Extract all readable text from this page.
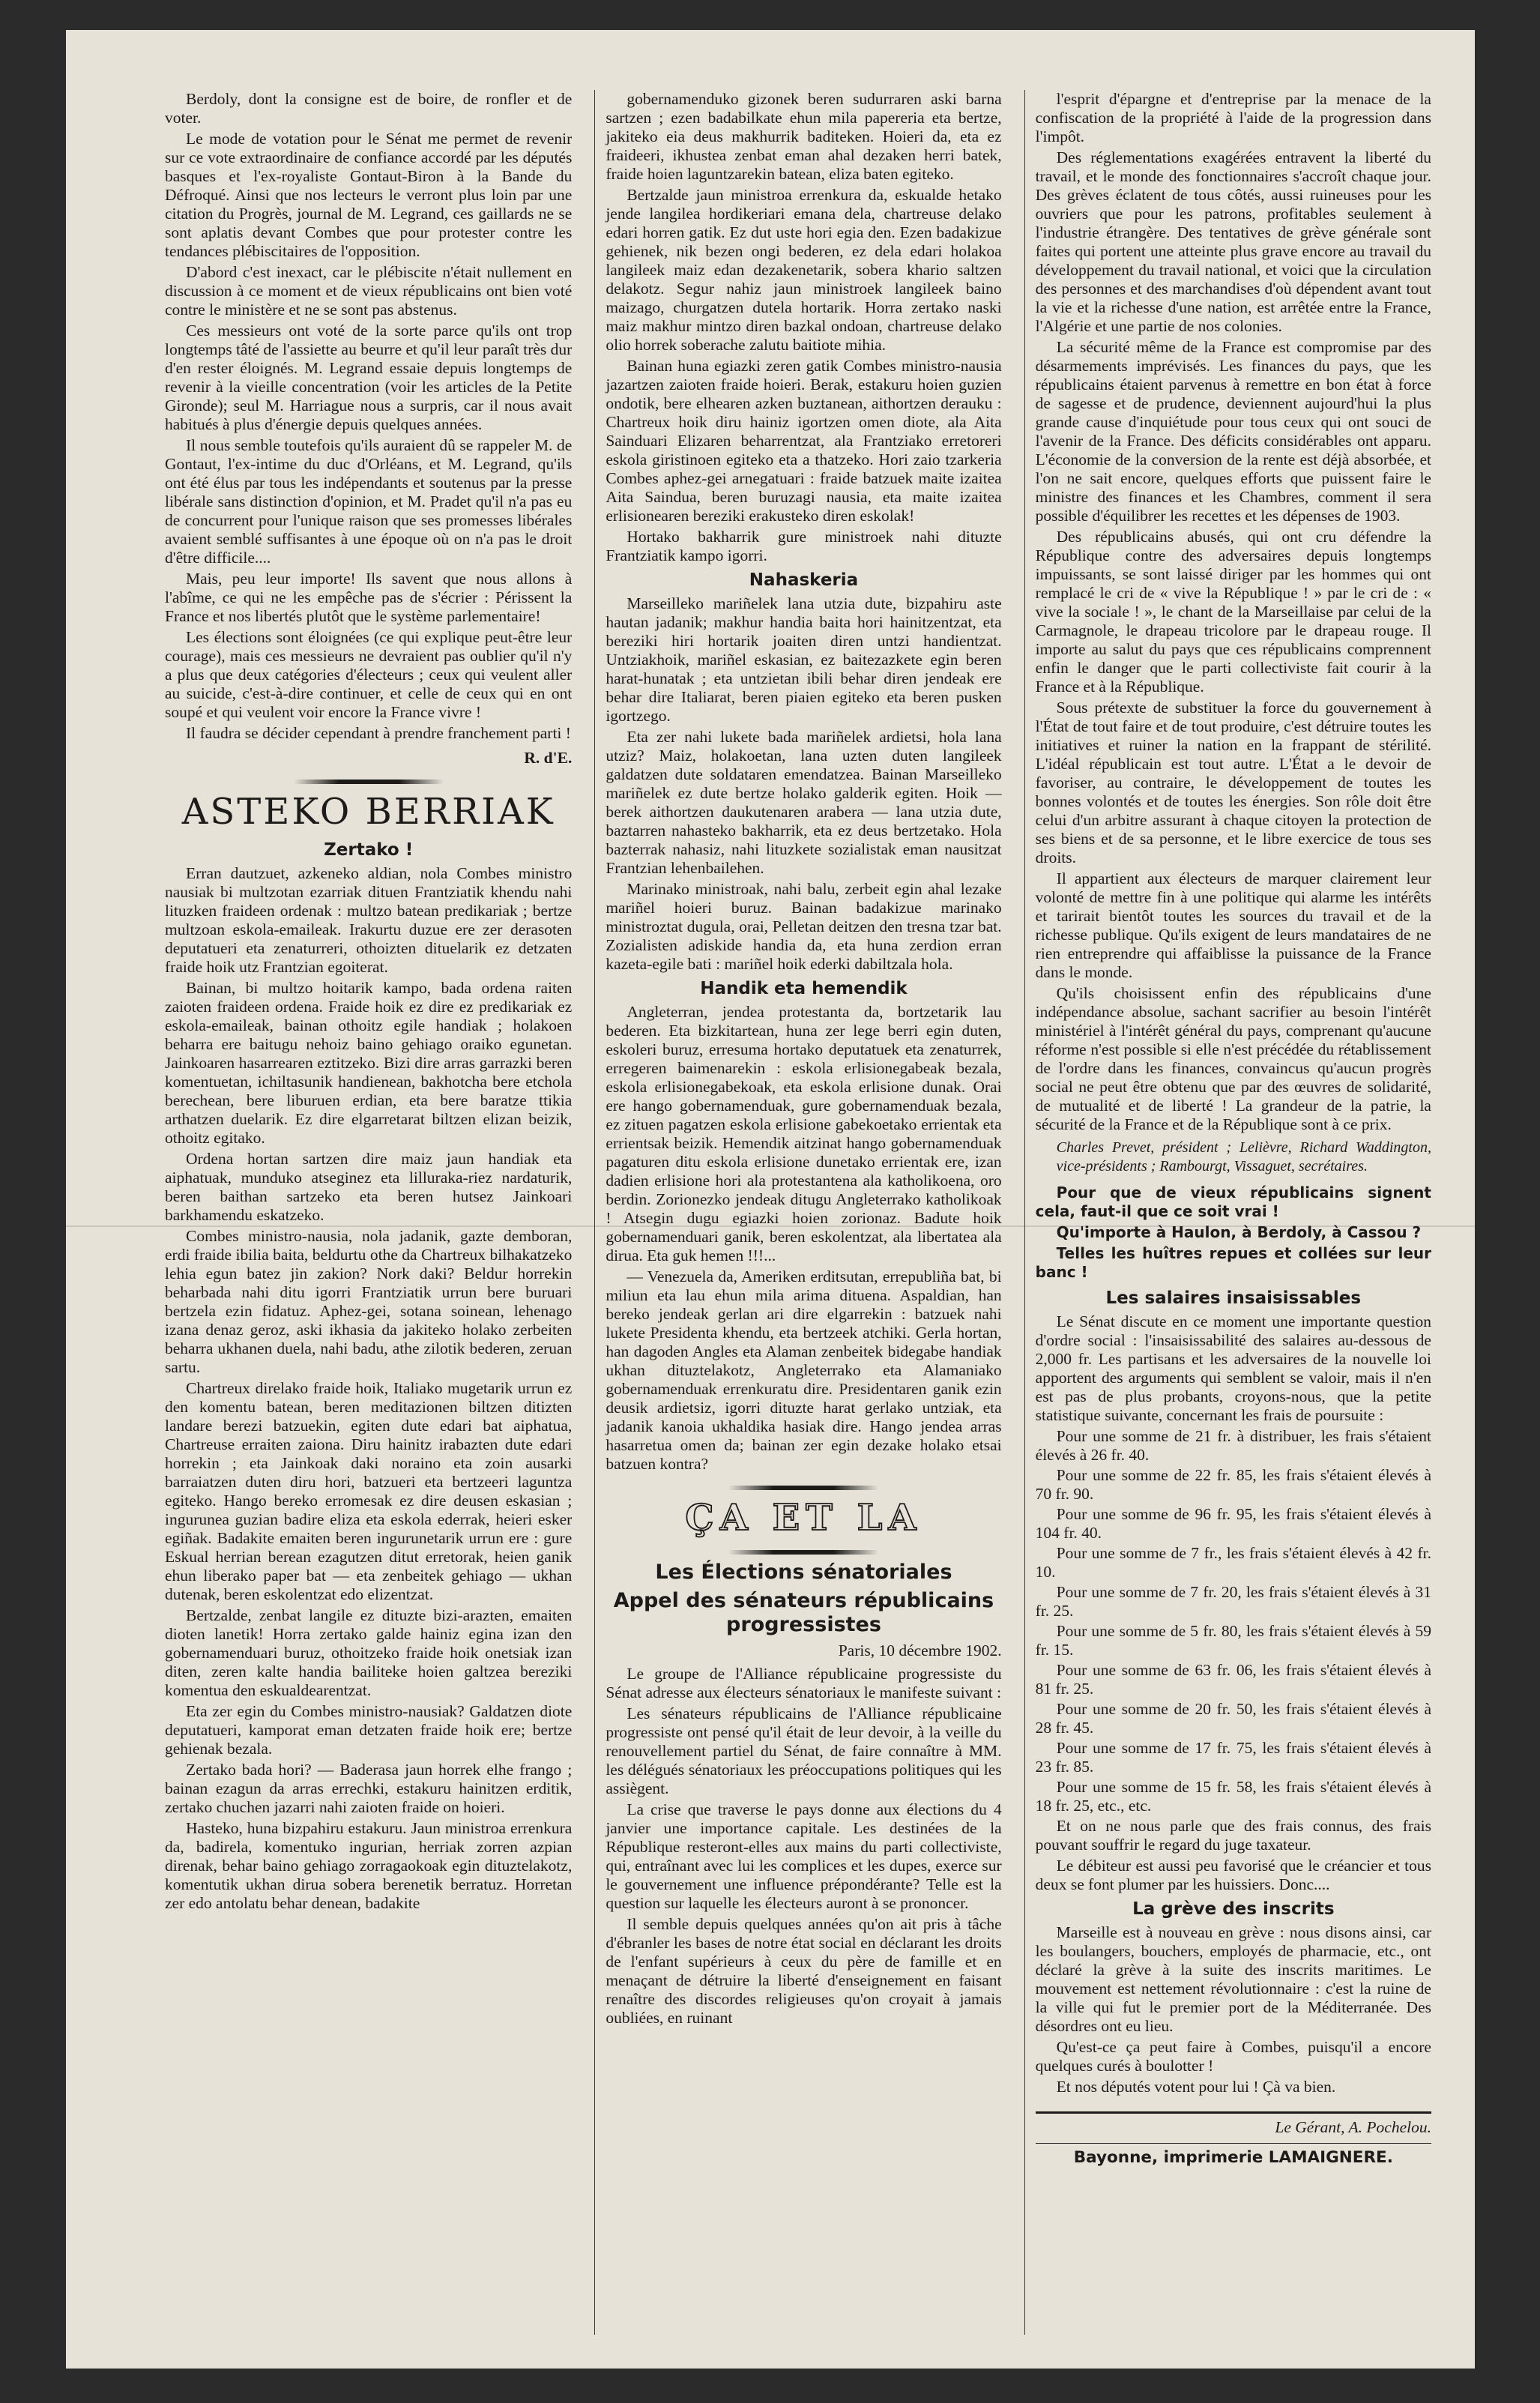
Berdoly, dont la consigne est de boire, de ronfler et de voter.

Le mode de votation pour le Sénat me permet de revenir sur ce vote extraordinaire de confiance accordé par les députés basques et l'ex-royaliste Gontaut-Biron à la Bande du Défroqué. Ainsi que nos lecteurs le verront plus loin par une citation du Progrès, journal de M. Legrand, ces gaillards ne se sont aplatis devant Combes que pour protester contre les tendances plébiscitaires de l'opposition.

D'abord c'est inexact, car le plébiscite n'était nullement en discussion à ce moment et de vieux républicains ont bien voté contre le ministère et ne se sont pas abstenus.

Ces messieurs ont voté de la sorte parce qu'ils ont trop longtemps tâté de l'assiette au beurre et qu'il leur paraît très dur d'en rester éloignés. M. Legrand essaie depuis longtemps de revenir à la vieille concentration (voir les articles de la Petite Gironde); seul M. Harriague nous a surpris, car il nous avait habitués à plus d'énergie depuis quelques années.

Il nous semble toutefois qu'ils auraient dû se rappeler M. de Gontaut, l'ex-intime du duc d'Orléans, et M. Legrand, qu'ils ont été élus par tous les indépendants et soutenus par la presse libérale sans distinction d'opinion, et M. Pradet qu'il n'a pas eu de concurrent pour l'unique raison que ses promesses libérales avaient semblé suffisantes à une époque où on n'a pas le droit d'être difficile....

Mais, peu leur importe! Ils savent que nous allons à l'abîme, ce qui ne les empêche pas de s'écrier : Périssent la France et nos libertés plutôt que le système parlementaire!

Les élections sont éloignées (ce qui explique peut-être leur courage), mais ces messieurs ne devraient pas oublier qu'il n'y a plus que deux catégories d'électeurs ; ceux qui veulent aller au suicide, c'est-à-dire continuer, et celle de ceux qui en ont soupé et qui veulent voir encore la France vivre !

Il faudra se décider cependant à prendre franchement parti !

R. d'E.
ASTEKO BERRIAK
Zertako !

Erran dautzuet, azkeneko aldian, nola Combes ministro nausiak bi multzotan ezarriak dituen Frantziatik khendu nahi lituzken fraideen ordenak : multzo batean predikariak ; bertze multzoan eskola-emaileak. Irakurtu duzue ere zer derasoten deputatueri eta zenaturreri, othoizten dituelarik ez detzaten fraide hoik utz Frantzian egoiterat.

Bainan, bi multzo hoitarik kampo, bada ordena raiten zaioten fraideen ordena. Fraide hoik ez dire ez predikariak ez eskola-emaileak, bainan othoitz egile handiak ; holakoen beharra ere baitugu nehoiz baino gehiago oraiko egunetan. Jainkoaren hasarrearen eztitzeko. Bizi dire arras garrazki beren komentuetan, ichiltasunik handienean, bakhotcha bere etchola berechean, bere liburuen erdian, eta bere baratze ttikia arthatzen duelarik. Ez dire elgarretarat biltzen elizan beizik, othoitz egitako.

Ordena hortan sartzen dire maiz jaun handiak eta aiphatuak, munduko atseginez eta lilluraka-riez nardaturik, beren baithan sartzeko eta beren hutsez Jainkoari barkhamendu eskatzeko.

Combes ministro-nausia, nola jadanik, gazte demboran, erdi fraide ibilia baita, beldurtu othe da Chartreux bilhakatzeko lehia egun batez jin zakion? Nork daki? Beldur horrekin beharbada nahi ditu igorri Frantziatik urrun bere buruari bertzela ezin fidatuz. Aphez-gei, sotana soinean, lehenago izana denaz geroz, aski ikhasia da jakiteko holako zerbeiten beharra ukhanen duela, nahi badu, athe zilotik bederen, zeruan sartu.

Chartreux direlako fraide hoik, Italiako mugetarik urrun ez den komentu batean, beren meditazionen biltzen ditizten landare berezi batzuekin, egiten dute edari bat aiphatua, Chartreuse erraiten zaiona. Diru hainitz irabazten dute edari horrekin ; eta Jainkoak daki noraino eta zoin ausarki barraiatzen duten diru hori, batzueri eta bertzeeri laguntza egiteko. Hango bereko erromesak ez dire deusen eskasian ; ingurunea guzian badire eliza eta eskola ederrak, heieri esker egiñak. Badakite emaiten beren ingurunetarik urrun ere : gure Eskual herrian berean ezagutzen ditut erretorak, heien ganik ehun liberako paper bat — eta zenbeitek gehiago — ukhan dutenak, beren eskolentzat edo elizentzat.

Bertzalde, zenbat langile ez dituzte bizi-arazten, emaiten dioten lanetik! Horra zertako galde hainiz egina izan den gobernamenduari buruz, othoitzeko fraide hoik onetsiak izan diten, zeren kalte handia bailiteke hoien galtzea bereziki komentua den eskualdearentzat.

Eta zer egin du Combes ministro-nausiak? Galdatzen diote deputatueri, kamporat eman detzaten fraide hoik ere; bertze gehienak bezala.

Zertako bada hori? — Baderasa jaun horrek elhe frango ; bainan ezagun da arras errechki, estakuru hainitzen erditik, zertako chuchen jazarri nahi zaioten fraide on hoieri.

Hasteko, huna bizpahiru estakuru. Jaun ministroa errenkura da, badirela, komentuko ingurian, herriak zorren azpian direnak, behar baino gehiago zorragaokoak egin dituztelakotz, komentutik ukhan dirua sobera berenetik berratuz. Horretan zer edo antolatu behar denean, badakite

gobernamenduko gizonek beren sudurraren aski barna sartzen ; ezen badabilkate ehun mila papereria eta bertze, jakiteko eia deus makhurrik baditeken. Hoieri da, eta ez fraideeri, ikhustea zenbat eman ahal dezaken herri batek, fraide hoien laguntzarekin batean, eliza baten egiteko.

Bertzalde jaun ministroa errenkura da, eskualde hetako jende langilea hordikeriari emana dela, chartreuse delako edari horren gatik. Ez dut uste hori egia den. Ezen badakizue gehienek, nik bezen ongi bederen, ez dela edari holakoa langileek maiz edan dezakenetarik, sobera khario saltzen delakotz. Segur nahiz jaun ministroek langileek baino maizago, churgatzen dutela hortarik. Horra zertako naski maiz makhur mintzo diren bazkal ondoan, chartreuse delako olio horrek soberache zalutu baitiote mihia.

Bainan huna egiazki zeren gatik Combes ministro-nausia jazartzen zaioten fraide hoieri. Berak, estakuru hoien guzien ondotik, bere elhearen azken buztanean, aithortzen derauku : Chartreux hoik diru hainiz igortzen omen diote, ala Aita Sainduari Elizaren beharrentzat, ala Frantziako erretoreri eskola giristinoen egiteko eta a thatzeko. Hori zaio tzarkeria Combes aphez-gei arnegatuari : fraide batzuek maite izaitea Aita Saindua, beren buruzagi nausia, eta maite izaitea erlisionearen bereziki erakusteko diren eskolak!

Hortako bakharrik gure ministroek nahi dituzte Frantziatik kampo igorri.

Nahaskeria

Marseilleko mariñelek lana utzia dute, bizpahiru aste hautan jadanik; makhur handia baita hori hainitzentzat, eta bereziki hiri hortarik joaiten diren untzi handientzat. Untziakhoik, mariñel eskasian, ez baitezazkete egin beren harat-hunatak ; eta untzietan ibili behar diren jendeak ere behar dire Italiarat, beren piaien egiteko eta beren pusken igortzego.

Eta zer nahi lukete bada mariñelek ardietsi, hola lana utziz? Maiz, holakoetan, lana uzten duten langileek galdatzen dute soldataren emendatzea. Bainan Marseilleko mariñelek ez dute bertze holako galderik egiten. Hoik — berek aithortzen daukutenaren arabera — lana utzia dute, baztarren nahasteko bakharrik, eta ez deus bertzetako. Hola bazterrak nahasiz, nahi lituzkete sozialistak eman nausitzat Frantzian lehenbailehen.

Marinako ministroak, nahi balu, zerbeit egin ahal lezake mariñel hoieri buruz. Bainan badakizue marinako ministroztat dugula, orai, Pelletan deitzen den tresna tzar bat. Zozialisten adiskide handia da, eta huna zerdion erran kazeta-egile bati : mariñel hoik ederki dabiltzala hola.

Handik eta hemendik

Angleterran, jendea protestanta da, bortzetarik lau bederen. Eta bizkitartean, huna zer lege berri egin duten, eskoleri buruz, erresuma hortako deputatuek eta zenaturrek, erregeren baimenarekin : eskola erlisionegabeak bezala, eskola erlisionegabekoak, eta eskola erlisione dunak. Orai ere hango gobernamenduak, gure gobernamenduak bezala, ez zituen pagatzen eskola erlisione gabekoetako errientak eta errientsak beizik. Hemendik aitzinat hango gobernamenduak pagaturen ditu eskola erlisione dunetako errientak ere, izan dadien erlisione hori ala protestantena ala katholikoena, oro berdin. Zorionezko jendeak ditugu Angleterrako katholikoak ! Atsegin dugu egiazki hoien zorionaz. Badute hoik gobernamenduari ganik, beren eskolentzat, ala libertatea ala dirua. Eta guk hemen !!!...

— Venezuela da, Ameriken erditsutan, errepubliña bat, bi miliun eta lau ehun mila arima dituena. Aspaldian, han bereko jendeak gerlan ari dire elgarrekin : batzuek nahi lukete Presidenta khendu, eta bertzeek atchiki. Gerla hortan, han dagoden Angles eta Alaman zenbeitek bidegabe handiak ukhan dituztelakotz, Angleterrako eta Alamaniako gobernamenduak errenkuratu dire. Presidentaren ganik ezin deusik ardietsiz, igorri dituzte harat gerlako untziak, eta jadanik kanoia ukhaldika hasiak dire. Hango jendea arras hasarretua omen da; bainan zer egin dezake holako etsai batzuen kontra?

ÇA ET LA
Les Élections sénatoriales
Appel des sénateurs républicains progressistes
Paris, 10 décembre 1902.

Le groupe de l'Alliance républicaine progressiste du Sénat adresse aux électeurs sénatoriaux le manifeste suivant :

Les sénateurs républicains de l'Alliance républicaine progressiste ont pensé qu'il était de leur devoir, à la veille du renouvellement partiel du Sénat, de faire connaître à MM. les délégués sénatoriaux les préoccupations politiques qui les assiègent.

La crise que traverse le pays donne aux élections du 4 janvier une importance capitale. Les destinées de la République resteront-elles aux mains du parti collectiviste, qui, entraînant avec lui les complices et les dupes, exerce sur le gouvernement une influence prépondérante? Telle est la question sur laquelle les électeurs auront à se prononcer.

Il semble depuis quelques années qu'on ait pris à tâche d'ébranler les bases de notre état social en déclarant les droits de l'enfant supérieurs à ceux du père de famille et en menaçant de détruire la liberté d'enseignement en faisant renaître des discordes religieuses qu'on croyait à jamais oubliées, en ruinant

l'esprit d'épargne et d'entreprise par la menace de la confiscation de la propriété à l'aide de la progression dans l'impôt.

Des réglementations exagérées entravent la liberté du travail, et le monde des fonctionnaires s'accroît chaque jour. Des grèves éclatent de tous côtés, aussi ruineuses pour les ouvriers que pour les patrons, profitables seulement à l'industrie étrangère. Des tentatives de grève générale sont faites qui portent une atteinte plus grave encore au travail du développement du travail national, et voici que la circulation des personnes et des marchandises d'où dépendent avant tout la vie et la richesse d'une nation, est arrêtée entre la France, l'Algérie et une partie de nos colonies.

La sécurité même de la France est compromise par des désarmements imprévisés. Les finances du pays, que les républicains étaient parvenus à remettre en bon état à force de sagesse et de prudence, deviennent aujourd'hui la plus grande cause d'inquiétude pour tous ceux qui ont souci de l'avenir de la France. Des déficits considérables ont apparu. L'économie de la conversion de la rente est déjà absorbée, et l'on ne sait encore, quelques efforts que puissent faire le ministre des finances et les Chambres, comment il sera possible d'équilibrer les recettes et les dépenses de 1903.

Des républicains abusés, qui ont cru défendre la République contre des adversaires depuis longtemps impuissants, se sont laissé diriger par les hommes qui ont remplacé le cri de « vive la République ! » par le cri de : « vive la sociale ! », le chant de la Marseillaise par celui de la Carmagnole, le drapeau tricolore par le drapeau rouge. Il importe au salut du pays que ces républicains comprennent enfin le danger que le parti collectiviste fait courir à la France et à la République.

Sous prétexte de substituer la force du gouvernement à l'État de tout faire et de tout produire, c'est détruire toutes les initiatives et ruiner la nation en la frappant de stérilité. L'idéal républicain est tout autre. L'État a le devoir de favoriser, au contraire, le développement de toutes les bonnes volontés et de toutes les énergies. Son rôle doit être celui d'un arbitre assurant à chaque citoyen la protection de ses biens et de sa personne, et le libre exercice de tous ses droits.

Il appartient aux électeurs de marquer clairement leur volonté de mettre fin à une politique qui alarme les intérêts et tarirait bientôt toutes les sources du travail et de la richesse publique. Qu'ils exigent de leurs mandataires de ne rien entreprendre qui affaiblisse la puissance de la France dans le monde.

Qu'ils choisissent enfin des républicains d'une indépendance absolue, sachant sacrifier au besoin l'intérêt ministériel à l'intérêt général du pays, comprenant qu'aucune réforme n'est possible si elle n'est précédée du rétablissement de l'ordre dans les finances, convaincus qu'aucun progrès social ne peut être obtenu que par des œuvres de solidarité, de mutualité et de liberté ! La grandeur de la patrie, la sécurité de la France et de la République sont à ce prix.

Charles Prevet, président ; Lelièvre, Richard Waddington, vice-présidents ; Rambourgt, Vissaguet, secrétaires.

Pour que de vieux républicains signent cela, faut-il que ce soit vrai !

Qu'importe à Haulon, à Berdoly, à Cassou ?

Telles les huîtres repues et collées sur leur banc !

Les salaires insaisissables

Le Sénat discute en ce moment une importante question d'ordre social : l'insaisissabilité des salaires au-dessous de 2,000 fr. Les partisans et les adversaires de la nouvelle loi apportent des arguments qui semblent se valoir, mais il n'en est pas de plus probants, croyons-nous, que la petite statistique suivante, concernant les frais de poursuite :

Pour une somme de 21 fr. à distribuer, les frais s'étaient élevés à 26 fr. 40.

Pour une somme de 22 fr. 85, les frais s'étaient élevés à 70 fr. 90.

Pour une somme de 96 fr. 95, les frais s'étaient élevés à 104 fr. 40.

Pour une somme de 7 fr., les frais s'étaient élevés à 42 fr. 10.

Pour une somme de 7 fr. 20, les frais s'étaient élevés à 31 fr. 25.

Pour une somme de 5 fr. 80, les frais s'étaient élevés à 59 fr. 15.

Pour une somme de 63 fr. 06, les frais s'étaient élevés à 81 fr. 25.

Pour une somme de 20 fr. 50, les frais s'étaient élevés à 28 fr. 45.

Pour une somme de 17 fr. 75, les frais s'étaient élevés à 23 fr. 85.

Pour une somme de 15 fr. 58, les frais s'étaient élevés à 18 fr. 25, etc., etc.

Et on ne nous parle que des frais connus, des frais pouvant souffrir le regard du juge taxateur.

Le débiteur est aussi peu favorisé que le créancier et tous deux se font plumer par les huissiers. Donc....

La grève des inscrits

Marseille est à nouveau en grève : nous disons ainsi, car les boulangers, bouchers, employés de pharmacie, etc., ont déclaré la grève à la suite des inscrits maritimes. Le mouvement est nettement révolutionnaire : c'est la ruine de la ville qui fut le premier port de la Méditerranée. Des désordres ont eu lieu.

Qu'est-ce ça peut faire à Combes, puisqu'il a encore quelques curés à boulotter !

Et nos députés votent pour lui ! Çà va bien.

Le Gérant, A. Pochelou.
Bayonne, imprimerie LAMAIGNERE.
